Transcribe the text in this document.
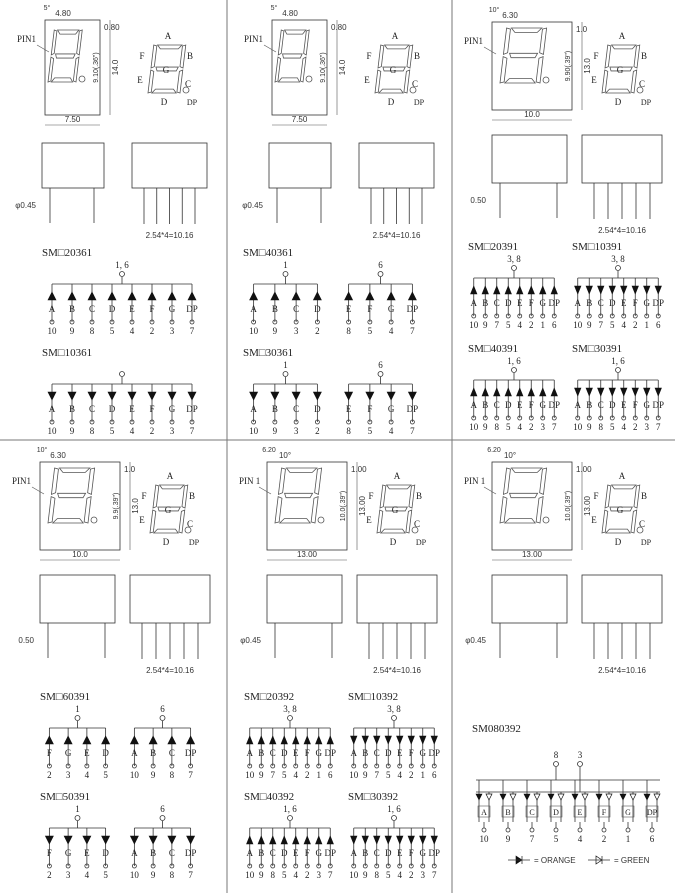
PIN1
7.50
14.0
9.10(.36")
4.80
5°
0.80
φ0.45
2.54*4=10.16
A
B
C
D
E
F
G
DP
PIN1
7.50
14.0
9.10(.36")
4.80
5°
0.80
φ0.45
2.54*4=10.16
A
B
C
D
E
F
G
DP
PIN1
10.0
13.0
9.90(.39")
6.30
10°
1.0
0.50
2.54*4=10.16
A
B
C
D
E
F
G
DP
PIN1
10.0
13.0
9.9(.39")
6.30
10°
1.0
0.50
2.54*4=10.16
A
B
C
D
E
F
G
DP
PIN 1
13.00
13.00
10.0(.39")
10°
6.20
1.00
φ0.45
2.54*4=10.16
A
B
C
D
E
F
G
DP
PIN 1
13.00
13.00
10.0(.39")
10°
6.20
1.00
φ0.45
2.54*4=10.16
A
B
C
D
E
F
G
DP
SM□20361
1, 6
A
10
B
9
C
8
D
5
E
4
F
2
G
3
DP
7
SM□10361
A
10
B
9
C
8
D
5
E
4
F
2
G
3
DP
7
SM□40361
1
A
10
B
9
C
3
D
2
6
E
8
F
5
G
4
DP
7
SM□30361
1
A
10
B
9
C
3
D
2
6
E
8
F
5
G
4
DP
7
SM□20391
3, 8
A
10
B
9
C
7
D
5
E
4
F
2
G
1
DP
6
SM□10391
3, 8
A
10
B
9
C
7
D
5
E
4
F
2
G
1
DP
6
SM□40391
1, 6
A
10
B
9
C
8
D
5
E
4
F
2
G
3
DP
7
SM□30391
1, 6
A
10
B
9
C
8
D
5
E
4
F
2
G
3
DP
7
SM□60391
1
F
2
G
3
E
4
D
5
6
A
10
B
9
C
8
DP
7
SM□50391
1
F
2
G
3
E
4
D
5
6
A
10
B
9
C
8
DP
7
SM□20392
3, 8
A
10
B
9
C
7
D
5
E
4
F
2
G
1
DP
6
SM□10392
3, 8
A
10
B
9
C
7
D
5
E
4
F
2
G
1
DP
6
SM□40392
1, 6
A
10
B
9
C
8
D
5
E
4
F
2
G
3
DP
7
SM□30392
1, 6
A
10
B
9
C
8
D
5
E
4
F
2
G
3
DP
7
SM080392
8 3
A
10
B
9
C
7
D
5
E
4
F
2
G
1
DP
6
= ORANGE	= GREEN
